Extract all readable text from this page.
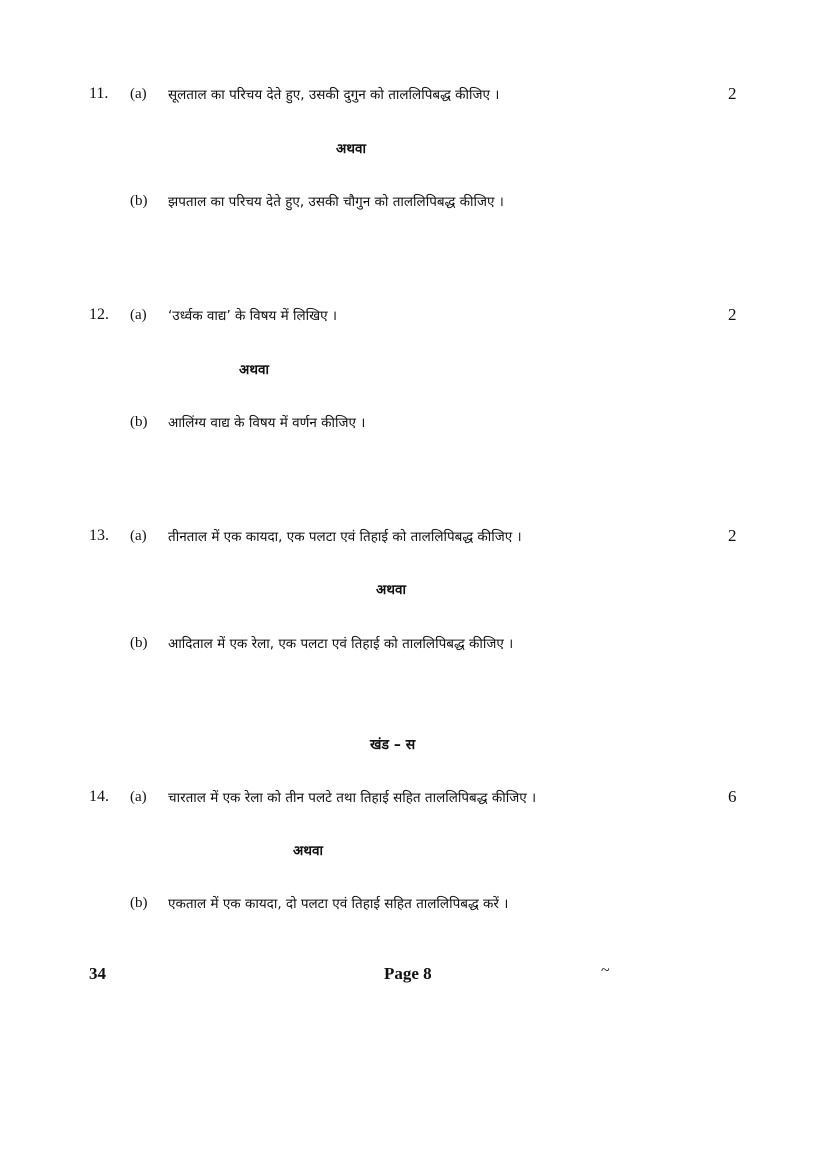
11. (a) सूलताल का परिचय देते हुए, उसकी दुगुन को ताललिपिबद्ध कीजिए ।	2
अथवा
(b) झपताल का परिचय देते हुए, उसकी चौगुन को ताललिपिबद्ध कीजिए ।
12. (a) ‘उर्ध्वक वाद्य’ के विषय में लिखिए ।	2
अथवा
(b) आलिंग्य वाद्य के विषय में वर्णन कीजिए ।
13. (a) तीनताल में एक कायदा, एक पलटा एवं तिहाई को ताललिपिबद्ध कीजिए ।	2
अथवा
(b) आदिताल में एक रेला, एक पलटा एवं तिहाई को ताललिपिबद्ध कीजिए ।
खंड – स
14. (a) चारताल में एक रेला को तीन पलटे तथा तिहाई सहित ताललिपिबद्ध कीजिए ।	6
अथवा
(b) एकताल में एक कायदा, दो पलटा एवं तिहाई सहित ताललिपिबद्ध करें ।
34	Page 8	~
